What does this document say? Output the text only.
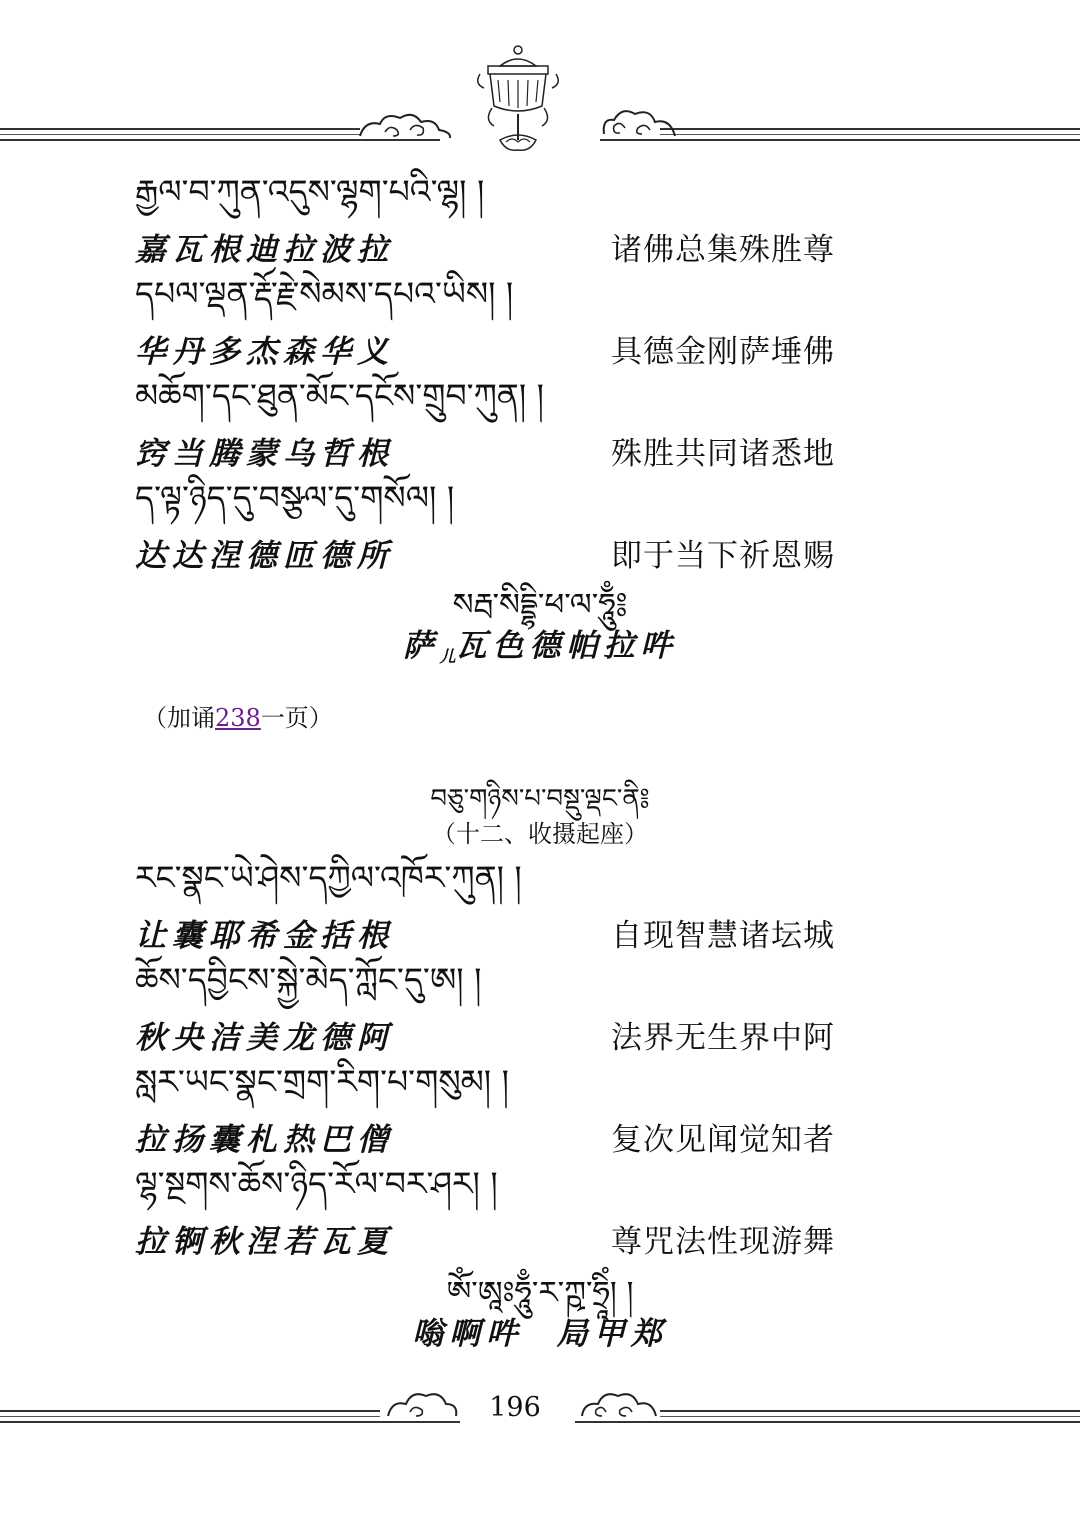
རྒྱལ་བ་ཀུན་འདུས་ལྷག་པའི་ལྷ། །
嘉瓦根迪拉波拉	诸佛总集殊胜尊
དཔལ་ལྡན་རྡོ་རྗེ་སེམས་དཔའ་ཡིས། །
华丹多杰森华义	具德金刚萨埵佛
མཆོག་དང་ཐུན་མོང་དངོས་གྲུབ་ཀུན། །
窍当腾蒙乌哲根	殊胜共同诸悉地
ད་ལྟ་ཉིད་དུ་བསྩལ་དུ་གསོལ། །
达达涅德匝德所	即于当下祈恩赐
སརྦ་སིདྡྷི་ཕ་ལ་ཧཱུྃ༔
萨儿瓦色德帕拉吽
（加诵238一页）
བཅུ་གཉིས་པ་བསྡུ་ལྡང་ནི༔
（十二、收摄起座）
རང་སྣང་ཡེ་ཤེས་དཀྱིལ་འཁོར་ཀུན། །
让囊耶希金括根	自现智慧诸坛城
ཆོས་དབྱིངས་སྐྱེ་མེད་ཀློང་དུ་ཨ། །
秋央洁美龙德阿	法界无生界中阿
སླར་ཡང་སྣང་གྲག་རིག་པ་གསུམ། །
拉扬囊札热巴僧	复次见闻觉知者
ལྷ་སྔགས་ཆོས་ཉིད་རོལ་བར་ཤར། །
拉锕秋涅若瓦夏	尊咒法性现游舞
ཨོཾ་ཨཱཿཧཱུྃ་ར་ཀྵ་ཧྲཱིཾ། །
嗡啊吽  局甲郑
196
